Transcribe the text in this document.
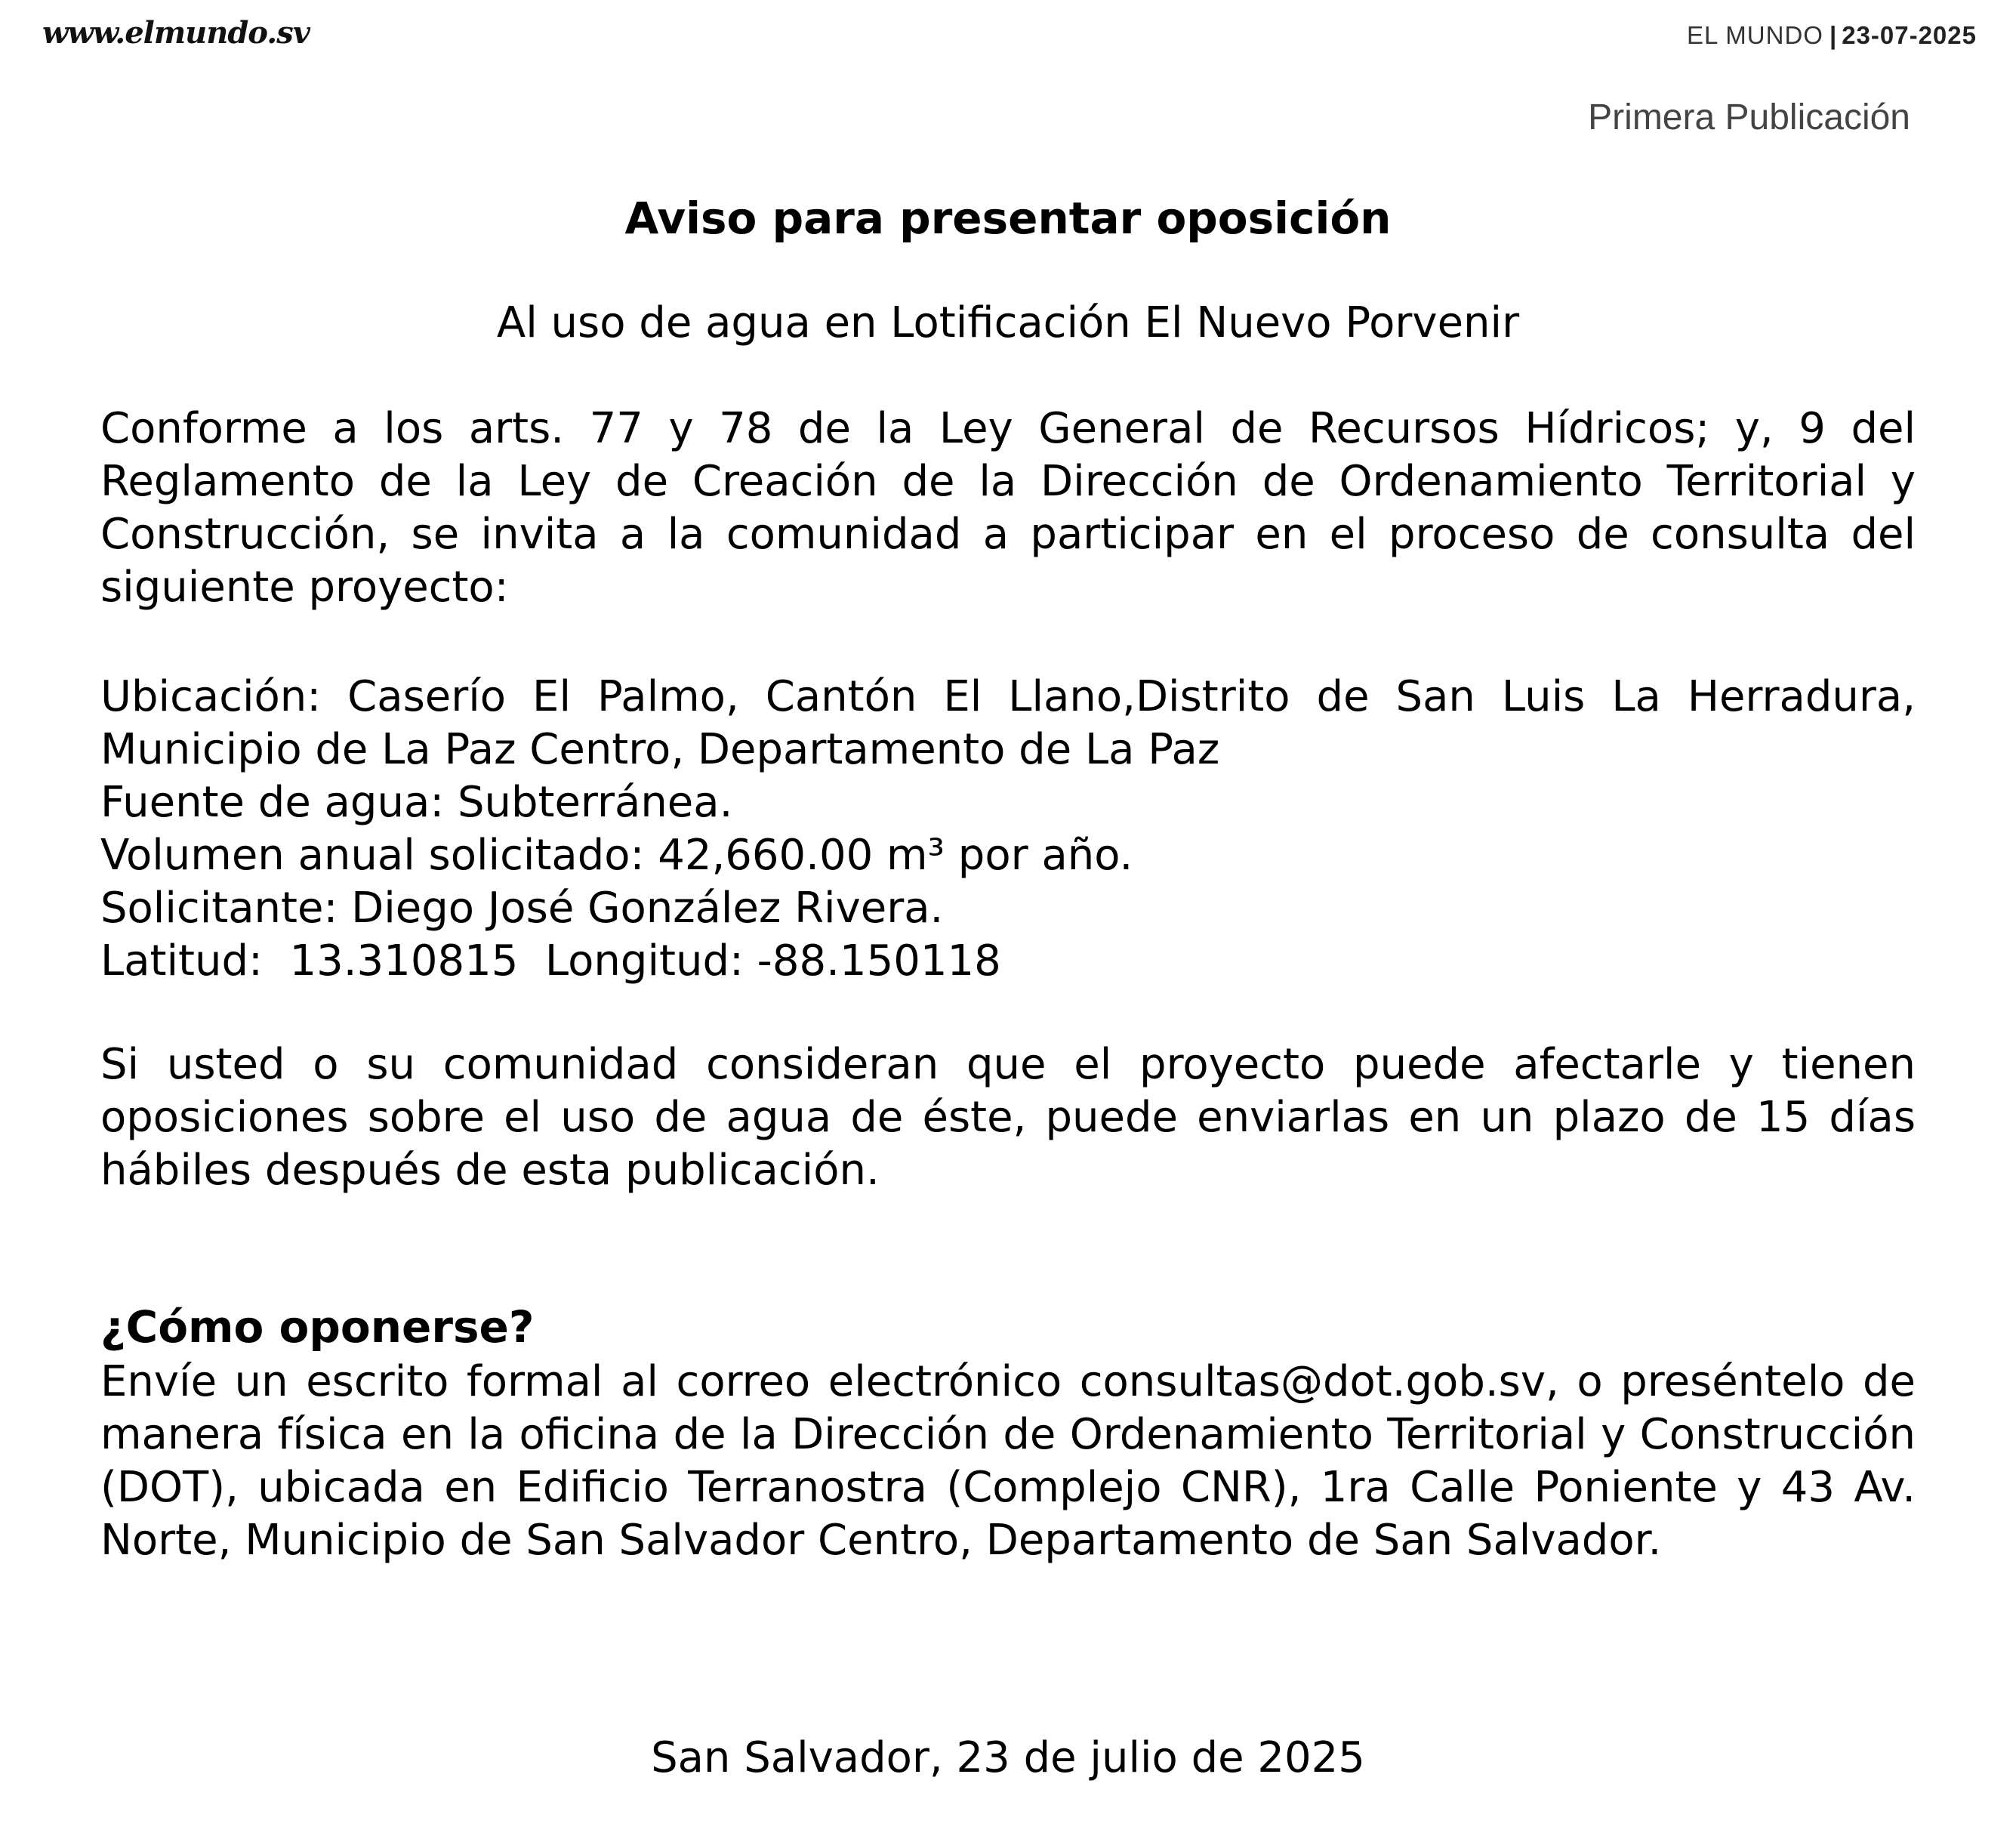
www.elmundo.sv	EL MUNDO | 23-07-2025
Primera Publicación
Aviso para presentar oposición
Al uso de agua en Lotificación El Nuevo Porvenir
Conforme a los arts. 77 y 78 de la Ley General de Recursos Hídricos; y, 9 del Reglamento de la Ley de Creación de la Dirección de Ordenamiento Territorial y Construcción, se invita a la comunidad a participar en el proceso de consulta del siguiente proyecto:
Ubicación: Caserío El Palmo, Cantón El Llano,Distrito de San Luis La Herradura, Municipio de La Paz Centro, Departamento de La Paz
Fuente de agua: Subterránea.
Volumen anual solicitado: 42,660.00 m³ por año.
Solicitante: Diego José González Rivera.
Latitud:  13.310815  Longitud: -88.150118
Si usted o su comunidad consideran que el proyecto puede afectarle y tienen oposiciones sobre el uso de agua de éste, puede enviarlas en un plazo de 15 días hábiles después de esta publicación.
¿Cómo oponerse?
Envíe un escrito formal al correo electrónico consultas@dot.gob.sv, o preséntelo de manera física en la oficina de la Dirección de Ordenamiento Territorial y Construcción (DOT), ubicada en Edificio Terranostra (Complejo CNR), 1ra Calle Poniente y 43 Av. Norte, Municipio de San Salvador Centro, Departamento de San Salvador.
San Salvador, 23 de julio de 2025
